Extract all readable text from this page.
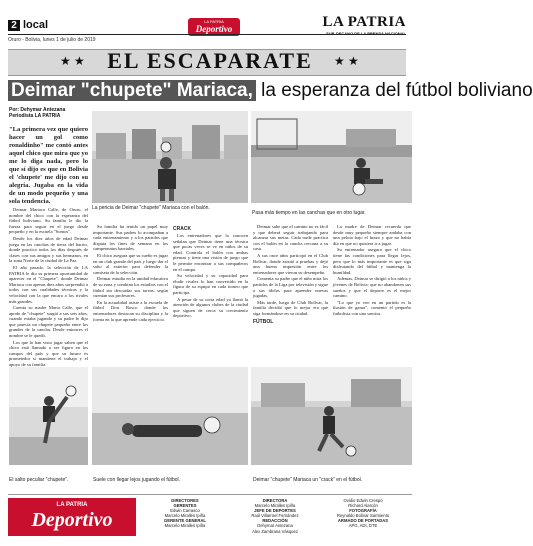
2 local	LA PATRIA
Deportivo	LA PATRIA
Oruro - Bolivia, lunes 1 de julio de 2019
★ ★	★ ★
EL ESCAPARATE
Deimar "chupete" Mariaca, la esperanza del fútbol boliviano
Por: Dehymar Antezana
Periodista LA PATRIA
La pericia de Deimar "chupete" Mariaca con el balón.
Pasa más tiempo en las canchas que en otro lugar.

"La primera vez que quiero hacer un gol como ronaldinho" me contó antes aquel chico que mira que yo me lo diga nada, pero lo que sí dijo es que en Bolivia el 'chupete' me dijo con su alegría. Jugaba en la vida de un modo pequeño y una sola tendencia.

Deimar Mariaca Calle, de Oruro, el nombre del chico con la esperanza del fútbol boliviano. Su familia le dio la fuerza para seguir en el juego desde pequeño y en la escuela "Somos".

Desde los diez años de edad Deimar juega en las canchas de tierra del barrio, donde practica todos los días después de clases con sus amigos y sus hermanos, en la zona Norte de la ciudad de La Paz.

El año pasado, la selección de LA PATRIA le dio su primera oportunidad de aparecer en el "Chupete", donde Deimar Mariaca con apenas diez años sorprendió a todos con sus cualidades técnicas y la velocidad con la que encara a los rivales más grandes.

Cuenta su madre Marta Calle, que el apodo de "chupete" surgió a sus seis años, cuando estaba jugando y su padre le dijo que parecía un chupete pequeño entre los grandes de la cancha. Desde entonces el nombre se le quedó.

Los que lo han visto jugar saben que el chico está llamado a ser figura en los campos del país y que su futuro es prometedor si mantiene el trabajo y el apoyo de su familia.

Su familia ha tenido un papel muy importante. Sus padres lo acompañan a cada entrenamiento y a los partidos que disputa los fines de semana en los campeonatos barriales.

El chico asegura que su sueño es jugar en un club grande del país y luego dar el salto al exterior para defender la camiseta de la selección.

Deimar estudia en la unidad educativa de su zona y combina los estudios con el fútbol sin descuidar sus tareas, según cuentan sus profesores.

En la actualidad asiste a la escuela de fútbol Don Bosco donde los entrenadores destacan su disciplina y la forma en la que aprende cada ejercicio.

CRACK

Los entrenadores que lo conocen señalan que Deimar tiene una técnica que pocas veces se ve en niños de su edad. Controla el balón con ambas piernas y tiene una visión de juego que le permite encontrar a sus compañeros en el campo.

Su velocidad y su capacidad para eludir rivales lo han convertido en la figura de su equipo en cada torneo que participa.

A pesar de su corta edad ya llamó la atención de algunos clubes de la ciudad que siguen de cerca su crecimiento deportivo.

Deimar sabe que el camino no es fácil y que deberá seguir trabajando para alcanzar sus metas. Cada tarde practica con el balón en la cancha cercana a su casa.

A sus once años participó en el Club Bolívar, donde asistió a pruebas y dejó una buena impresión entre los entrenadores que vieron su desempeño.

Comenta su padre que el niño mira los partidos de la Liga por televisión y sigue a sus ídolos para aprender nuevas jugadas.

Más tarde, luego de Club Bolívar, la familia decidió que lo mejor era que siga formándose en su ciudad.

FÚTBOL

La madre de Deimar recuerda que desde muy pequeño siempre andaba con una pelota bajo el brazo y que no había día en que no quisiera ir a jugar.

Su entrenador asegura que el chico tiene las condiciones para llegar lejos, pero que lo más importante es que siga disfrutando del fútbol y mantenga la humildad.

Ademas, Deimar se dirigió a los niños y jóvenes de Bolivia: que no abandonen sus sueños y que el deporte es el mejor camino.

"Lo que yo veo en un partido es la ilusión de ganar", comentó el pequeño futbolista con una sonrisa.

El salto peculiar "chupete".	Suele con llegar lejos jugando el fútbol.	Deimar "chupete" Mariaca un "crack" en el fútbol.
LA PATRIA
Deportivo
DIRECTORES
GERENTES
Edwin Carrasco
Marcelo Miralles Ipiña
GERENTE GENERAL
Marcelo Miralles Ipiña
DIRECTORA
Marcelo Miralles Ipiña
JEFE DE DEPORTES
Raúl Villarroel Fernández
REDACCIÓN
Dehymar Antezana
Alex Zambrana Vásquez
Ovidio Edwin Crespo
Richard Alarcón
FOTOGRAFÍA
Reynaldo Bolívar Sarmiento
ARMADO DE PORTADAS
APG, ADI, DTE
